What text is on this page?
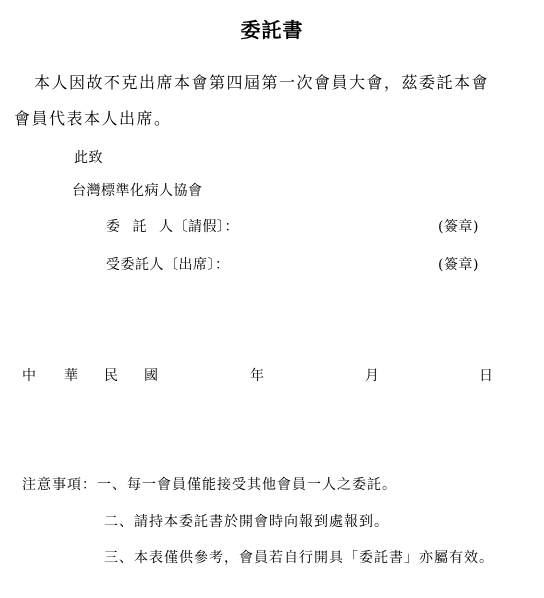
委託書
本人因故不克出席本會第四屆第一次會員大會，茲委託本會
會員代表本人出席。
此致
台灣標準化病人協會
委 託 人〔請假〕：	(簽章)
受委託人〔出席〕：	(簽章)
中 華 民 國	年	月	日
注意事項：一、每一會員僅能接受其他會員一人之委託。
二、請持本委託書於開會時向報到處報到。
三、本表僅供參考，會員若自行開具「委託書」亦屬有效。
